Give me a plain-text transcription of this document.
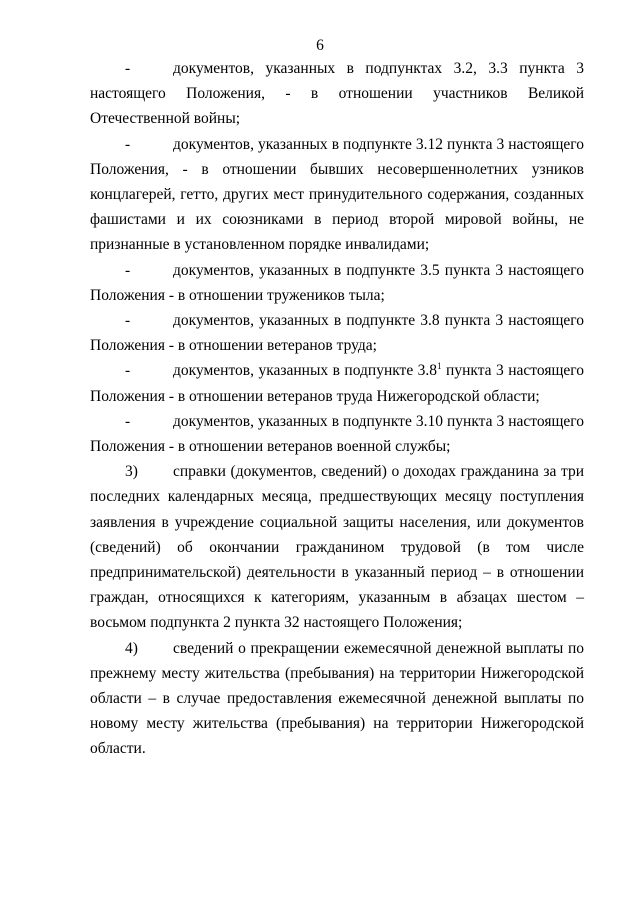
6

-	документов, указанных в подпунктах 3.2, 3.3 пункта 3 настоящего Положения, - в отношении участников Великой Отечественной войны;

-	документов, указанных в подпункте 3.12 пункта 3 настоящего Положения, - в отношении бывших несовершеннолетних узников концлагерей, гетто, других мест принудительного содержания, созданных фашистами и их союзниками в период второй мировой войны, не признанные в установленном порядке инвалидами;

-	документов, указанных в подпункте 3.5 пункта 3 настоящего Положения - в отношении тружеников тыла;

-	документов, указанных в подпункте 3.8 пункта 3 настоящего Положения - в отношении ветеранов труда;

-	документов, указанных в подпункте $3.8^1$ пункта 3 настоящего Положения - в отношении ветеранов труда Нижегородской области;

-	документов, указанных в подпункте 3.10 пункта 3 настоящего Положения - в отношении ветеранов военной службы;

3) справки (документов, сведений) о доходах гражданина за три последних календарных месяца, предшествующих месяцу поступления заявления в учреждение социальной защиты населения, или документов (сведений) об окончании гражданином трудовой (в том числе предпринимательской) деятельности в указанный период – в отношении граждан, относящихся к категориям, указанным в абзацах шестом – восьмом подпункта 2 пункта 32 настоящего Положения;

4) сведений о прекращении ежемесячной денежной выплаты по прежнему месту жительства (пребывания) на территории Нижегородской области – в случае предоставления ежемесячной денежной выплаты по новому месту жительства (пребывания) на территории Нижегородской области.
